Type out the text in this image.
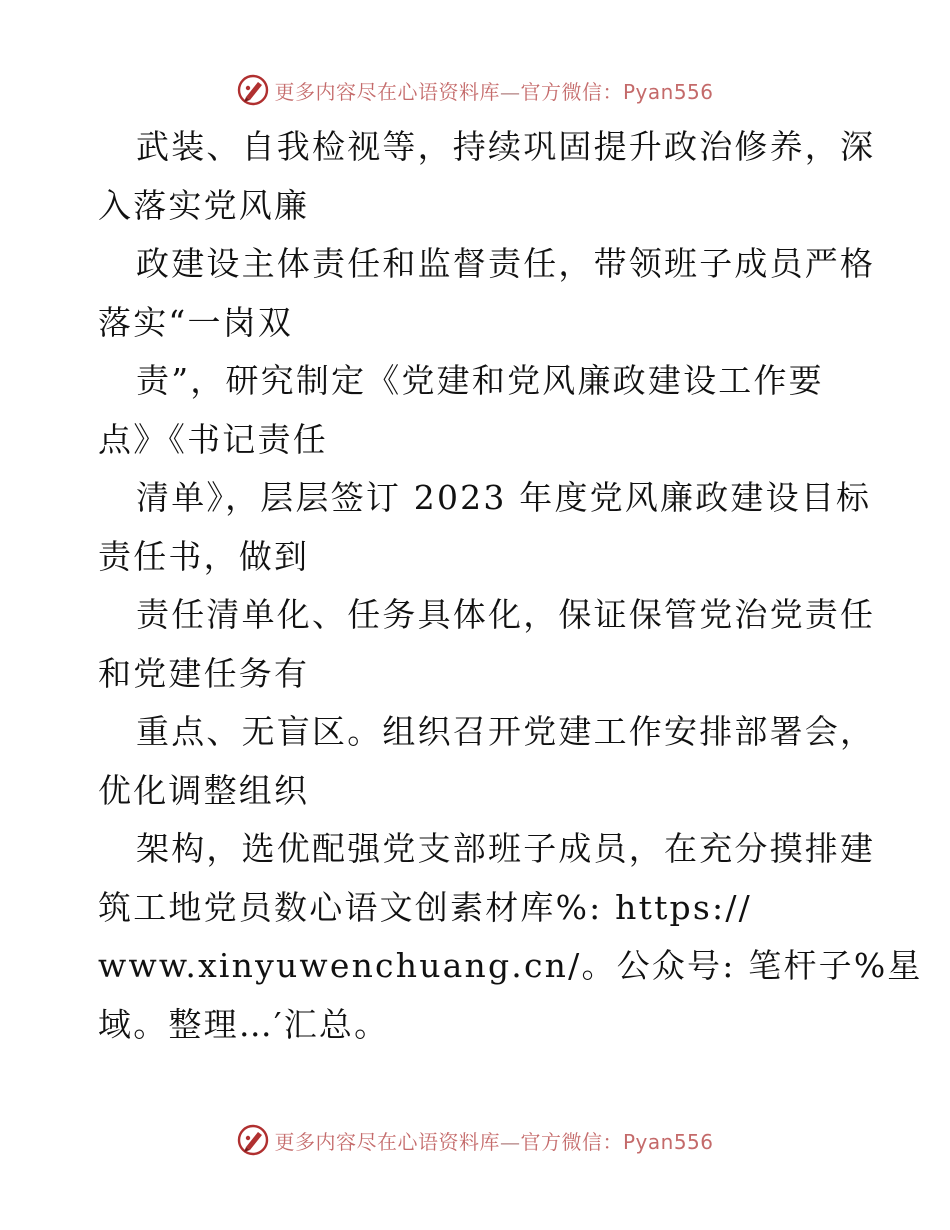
更多内容尽在心语资料库—官方微信：Pyan556
武装、自我检视等，持续巩固提升政治修养，深
入落实党风廉
政建设主体责任和监督责任，带领班子成员严格
落实“一岗双
责”，研究制定《党建和党风廉政建设工作要
点》《书记责任
清单》，层层签订 2023 年度党风廉政建设目标
责任书，做到
责任清单化、任务具体化，保证保管党治党责任
和党建任务有
重点、无盲区。组织召开党建工作安排部署会，
优化调整组织
架构，选优配强党支部班子成员，在充分摸排建
筑工地党员数心语文创素材库%: https://
www.xinyuwenchuang.cn/。公众号: 笔杆子%星
域。整理…′汇总。
更多内容尽在心语资料库—官方微信：Pyan556
